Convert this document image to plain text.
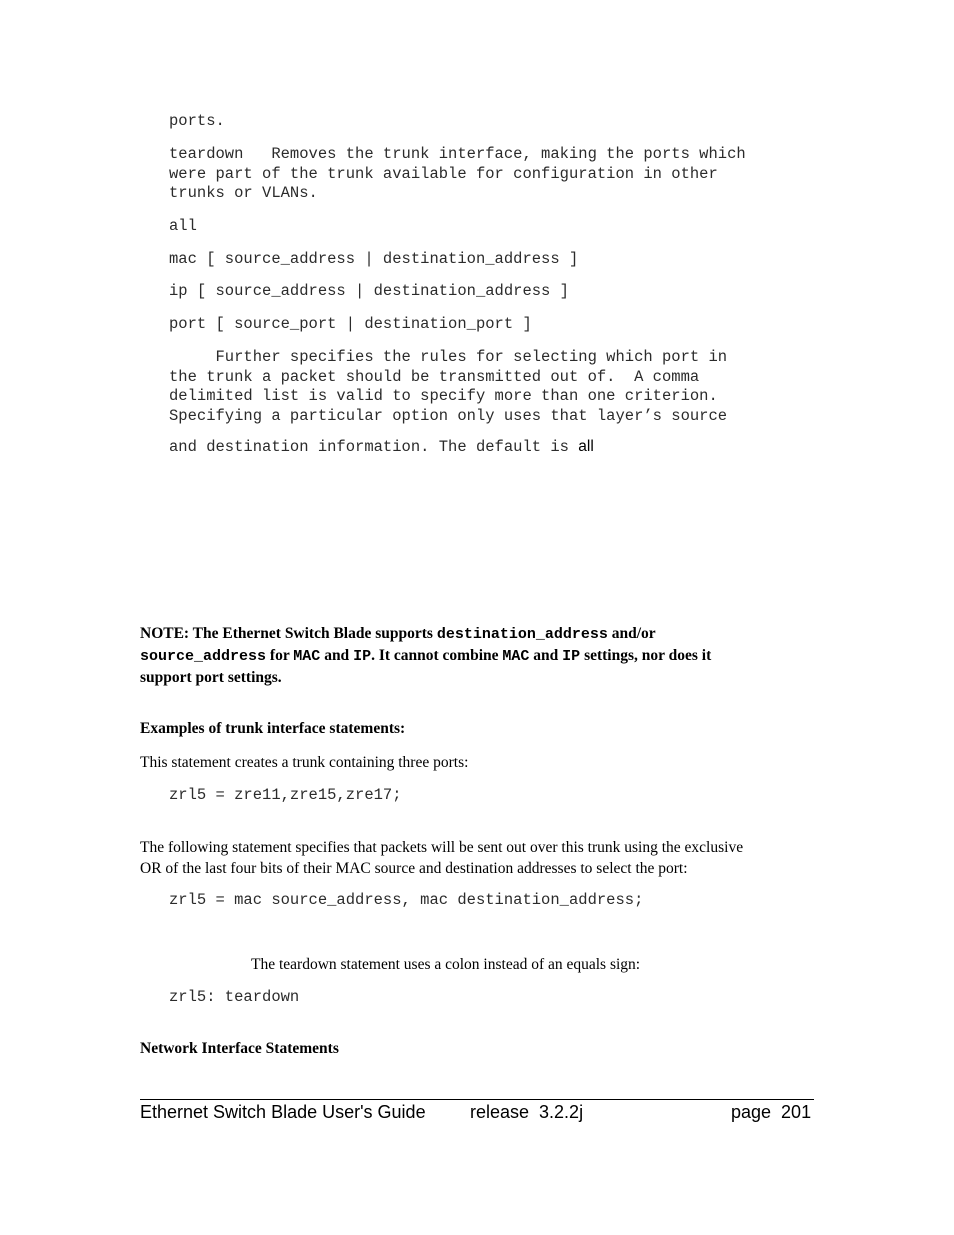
ports.
teardown   Removes the trunk interface, making the ports which
were part of the trunk available for configuration in other
trunks or VLANs.
all
mac [ source_address | destination_address ]
ip [ source_address | destination_address ]
port [ source_port | destination_port ]
Further specifies the rules for selecting which port in
the trunk a packet should be transmitted out of.  A comma
delimited list is valid to specify more than one criterion.
Specifying a particular option only uses that layer’s source
and destination information. The default is all
NOTE: The Ethernet Switch Blade supports destination_address and/or
source_address for MAC and IP. It cannot combine MAC and IP settings, nor does it
support port settings.
Examples of trunk interface statements:
This statement creates a trunk containing three ports:
zrl5 = zre11,zre15,zre17;
The following statement specifies that packets will be sent out over this trunk using the exclusive
OR of the last four bits of their MAC source and destination addresses to select the port:
zrl5 = mac source_address, mac destination_address;
The teardown statement uses a colon instead of an equals sign:
zrl5: teardown
Network Interface Statements
Ethernet Switch Blade User's Guide release  3.2.2j	page  201
